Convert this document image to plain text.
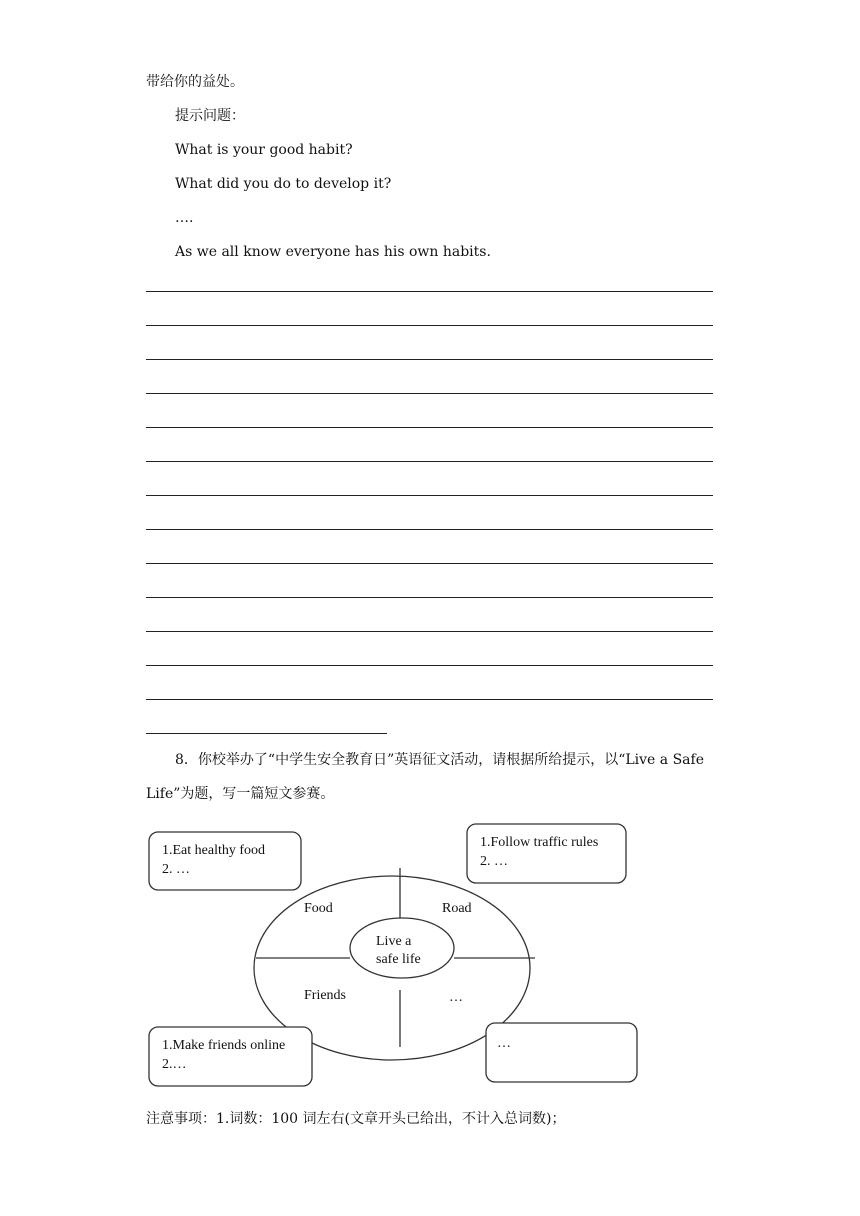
带给你的益处。
提示问题：
What is your good habit?
What did you do to develop it?
….
As we all know everyone has his own habits.
8．你校举办了“中学生安全教育日”英语征文活动，请根据所给提示，以“Live a Safe
Life”为题，写一篇短文参赛。
Live a
safe life
Food	Road
Friends	…
1.Eat healthy food
2. …
1.Follow traffic rules
2. …
1.Make friends online
2.…
…
注意事项：1.词数：100 词左右(文章开头已给出，不计入总词数)；
